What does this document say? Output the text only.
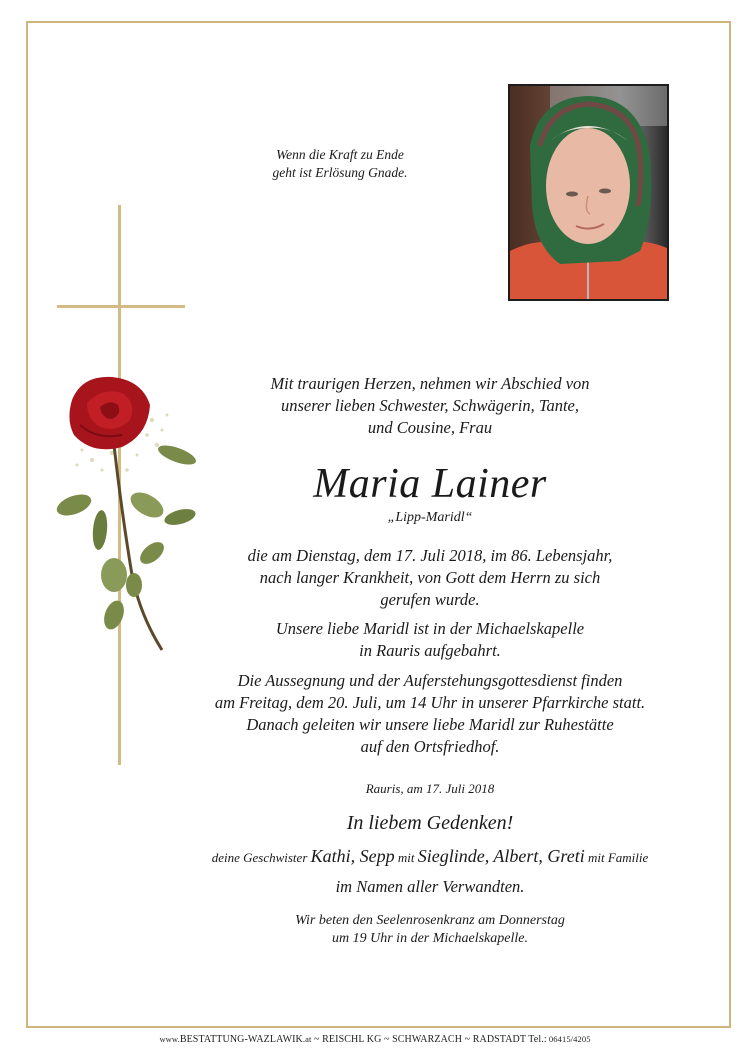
Wenn die Kraft zu Ende
geht ist Erlösung Gnade.
Mit traurigen Herzen, nehmen wir Abschied von
unserer lieben Schwester, Schwägerin, Tante,
und Cousine, Frau
Maria Lainer
„Lipp-Maridl“
die am Dienstag, dem 17. Juli 2018, im 86. Lebensjahr,
nach langer Krankheit, von Gott dem Herrn zu sich
gerufen wurde.
Unsere liebe Maridl ist in der Michaelskapelle
in Rauris aufgebahrt.
Die Aussegnung und der Auferstehungsgottesdienst finden
am Freitag, dem 20. Juli, um 14 Uhr in unserer Pfarrkirche statt.
Danach geleiten wir unsere liebe Maridl zur Ruhestätte
auf den Ortsfriedhof.
Rauris, am 17. Juli 2018
In liebem Gedenken!
deine Geschwister Kathi, Sepp mit Sieglinde, Albert, Greti mit Familie
im Namen aller Verwandten.
Wir beten den Seelenrosenkranz am Donnerstag
um 19 Uhr in der Michaelskapelle.
www.BESTATTUNG-WAZLAWIK.at ~ REISCHL KG ~ SCHWARZACH ~ RADSTADT Tel.: 06415/4205
